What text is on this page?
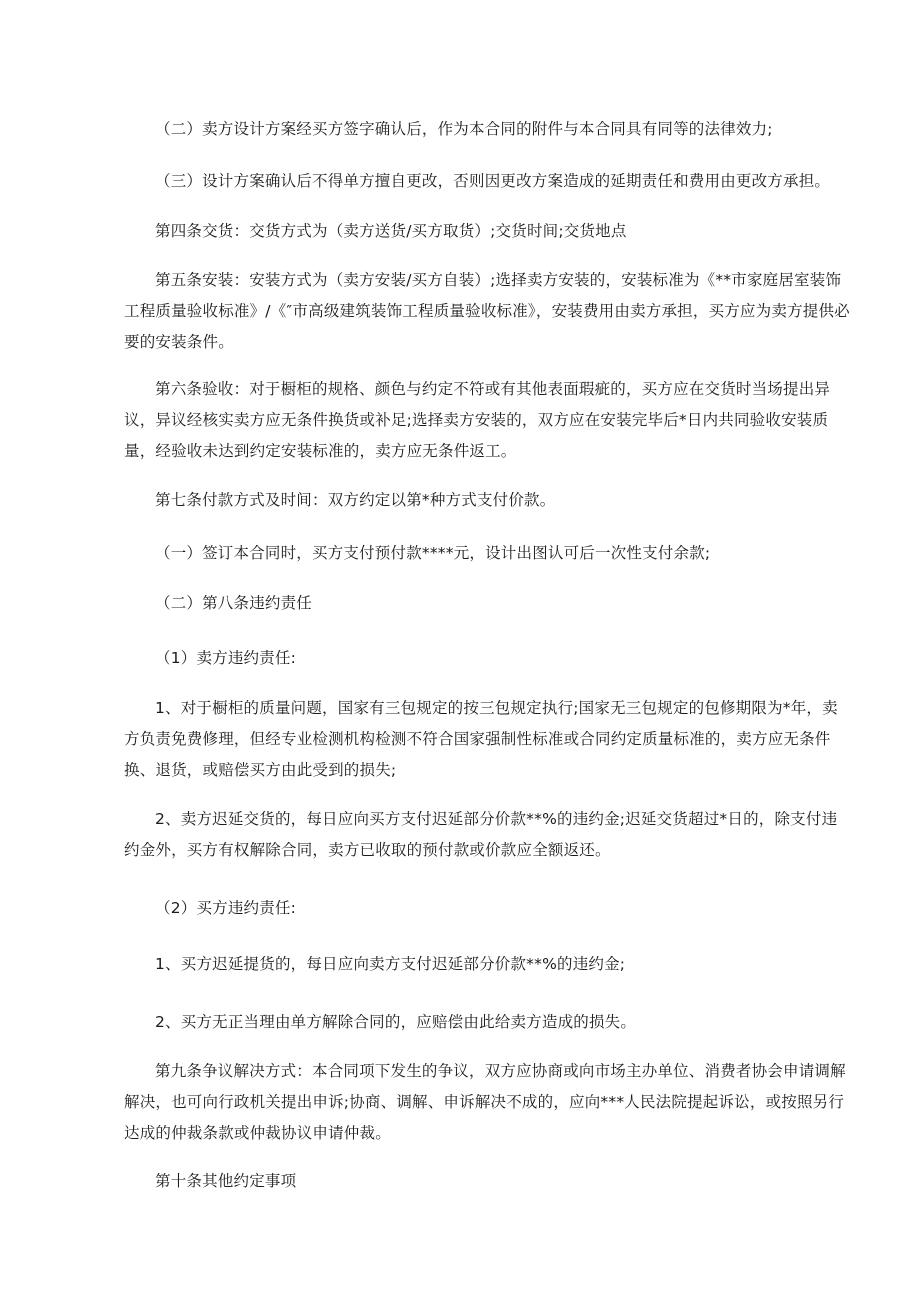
（二）卖方设计方案经买方签字确认后，作为本合同的附件与本合同具有同等的法律效力;

（三）设计方案确认后不得单方擅自更改，否则因更改方案造成的延期责任和费用由更改方承担。

第四条交货：交货方式为（卖方送货/买方取货）;交货时间;交货地点

第五条安装：安装方式为（卖方安装/买方自装）;选择卖方安装的，安装标准为《**市家庭居室装饰工程质量验收标准》/《″市高级建筑装饰工程质量验收标准》，安装费用由卖方承担，买方应为卖方提供必要的安装条件。

第六条验收：对于橱柜的规格、颜色与约定不符或有其他表面瑕疵的，买方应在交货时当场提出异议，异议经核实卖方应无条件换货或补足;选择卖方安装的，双方应在安装完毕后*日内共同验收安装质量，经验收未达到约定安装标准的，卖方应无条件返工。

第七条付款方式及时间：双方约定以第*种方式支付价款。

（一）签订本合同时，买方支付预付款****元，设计出图认可后一次性支付余款;

（二）第八条违约责任

（1）卖方违约责任:

1、对于橱柜的质量问题，国家有三包规定的按三包规定执行;国家无三包规定的包修期限为*年，卖方负责免费修理，但经专业检测机构检测不符合国家强制性标准或合同约定质量标准的，卖方应无条件换、退货，或赔偿买方由此受到的损失;

2、卖方迟延交货的，每日应向买方支付迟延部分价款**%的违约金;迟延交货超过*日的，除支付违约金外，买方有权解除合同，卖方已收取的预付款或价款应全额返还。

（2）买方违约责任:

1、买方迟延提货的，每日应向卖方支付迟延部分价款**%的违约金;

2、买方无正当理由单方解除合同的，应赔偿由此给卖方造成的损失。

第九条争议解决方式：本合同项下发生的争议，双方应协商或向市场主办单位、消费者协会申请调解解决，也可向行政机关提出申诉;协商、调解、申诉解决不成的，应向***人民法院提起诉讼，或按照另行达成的仲裁条款或仲裁协议申请仲裁。

第十条其他约定事项
